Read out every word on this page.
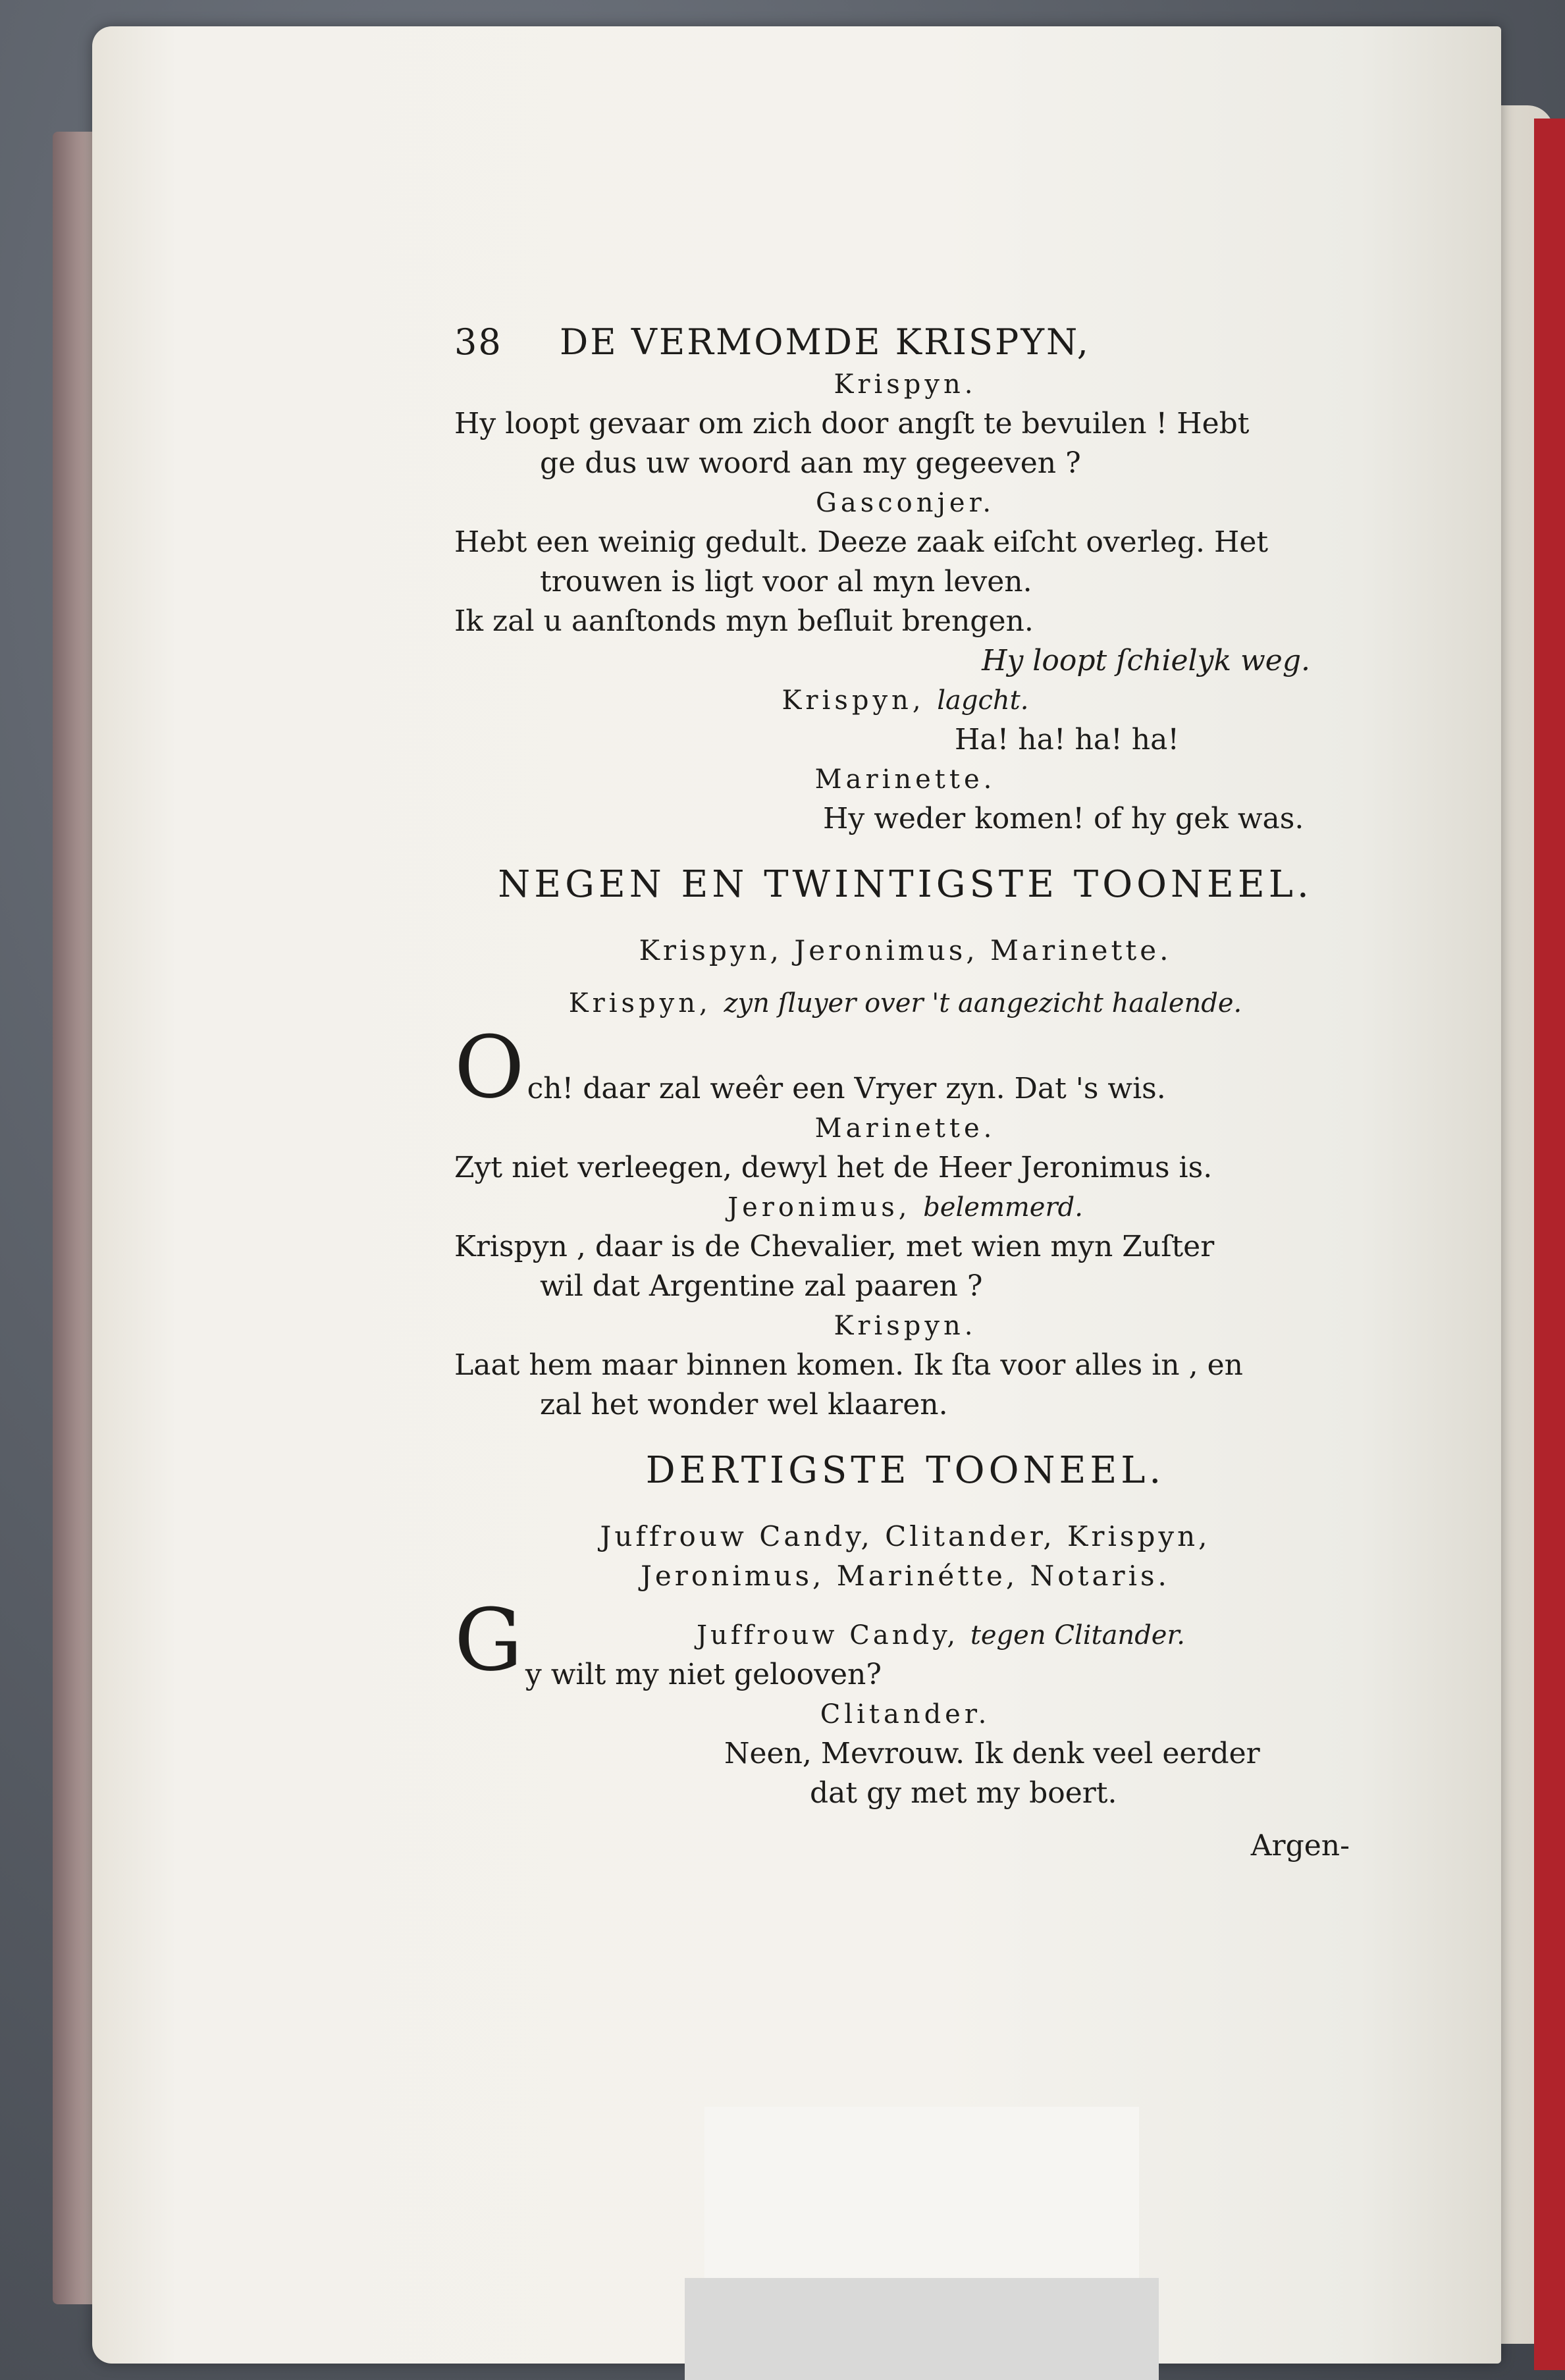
38	DE VERMOMDE KRISPYN,
Krispyn.
Hy loopt gevaar om zich door angſt te bevuilen ! Hebt
ge dus uw woord aan my gegeeven ?
Gasconjer.
Hebt een weinig gedult. Deeze zaak eiſcht overleg. Het
trouwen is ligt voor al myn leven.
Ik zal u aanſtonds myn beſluit brengen.
Hy loopt ſchielyk weg.
Krispyn, lagcht.
Ha! ha! ha! ha!
Marinette.
Hy weder komen! of hy gek was.
NEGEN EN TWINTIGSTE TOONEEL.
Krispyn, Jeronimus, Marinette.
Krispyn, zyn ſluyer over 't aangezicht haalende.
O ch! daar zal weêr een Vryer zyn. Dat 's wis.
Marinette.
Zyt niet verleegen, dewyl het de Heer Jeronimus is.
Jeronimus, belemmerd.
Krispyn , daar is de Chevalier, met wien myn Zuſter
wil dat Argentine zal paaren ?
Krispyn.
Laat hem maar binnen komen. Ik ſta voor alles in , en
zal het wonder wel klaaren.
DERTIGSTE TOONEEL.
Juffrouw Candy, Clitander, Krispyn,
Jeronimus, Marinétte, Notaris.
G	Juffrouw Candy, tegen Clitander.
y wilt my niet gelooven?
Clitander.
Neen, Mevrouw. Ik denk veel eerder
dat gy met my boert.
Argen-
